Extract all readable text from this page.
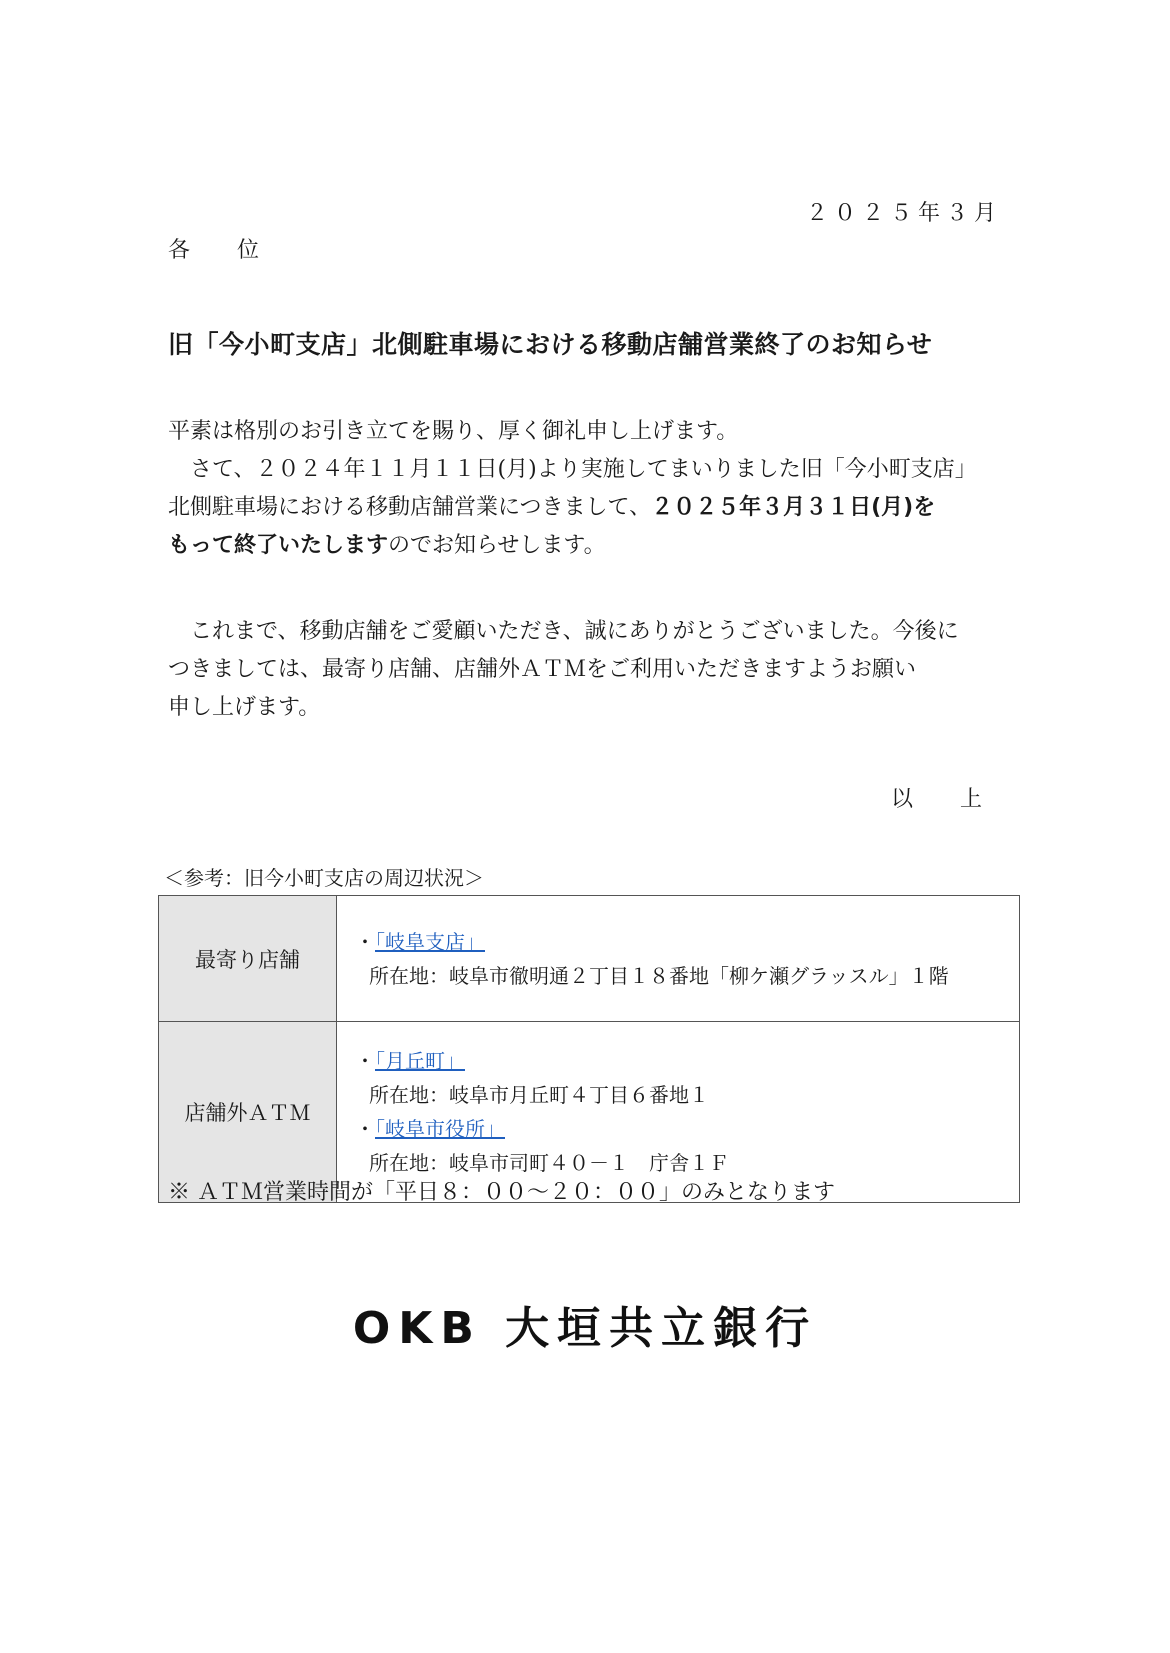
２０２５年３月
各 位
旧「今小町支店」北側駐車場における移動店舗営業終了のお知らせ
平素は格別のお引き立てを賜り、厚く御礼申し上げます。
　さて、２０２４年１１月１１日(月)より実施してまいりました旧「今小町支店」
北側駐車場における移動店舗営業につきまして、２０２５年３月３１日(月)を
もって終了いたしますのでお知らせします。
　これまで、移動店舗をご愛顧いただき、誠にありがとうございました。今後に
つきましては、最寄り店舗、店舗外ＡＴＭをご利用いただきますようお願い
申し上げます。
以 上
＜参考：旧今小町支店の周辺状況＞
最寄り店舗	・「岐阜支店」
所在地：岐阜市徹明通２丁目１８番地「柳ケ瀬グラッスル」１階

店舗外ＡＴＭ	・「月丘町」
所在地：岐阜市月丘町４丁目６番地１
・「岐阜市役所」
所在地：岐阜市司町４０－１　庁舎１Ｆ
※ ＡＴＭ営業時間が「平日８：００～２０：００」のみとなります
OKB 大垣共立銀行
